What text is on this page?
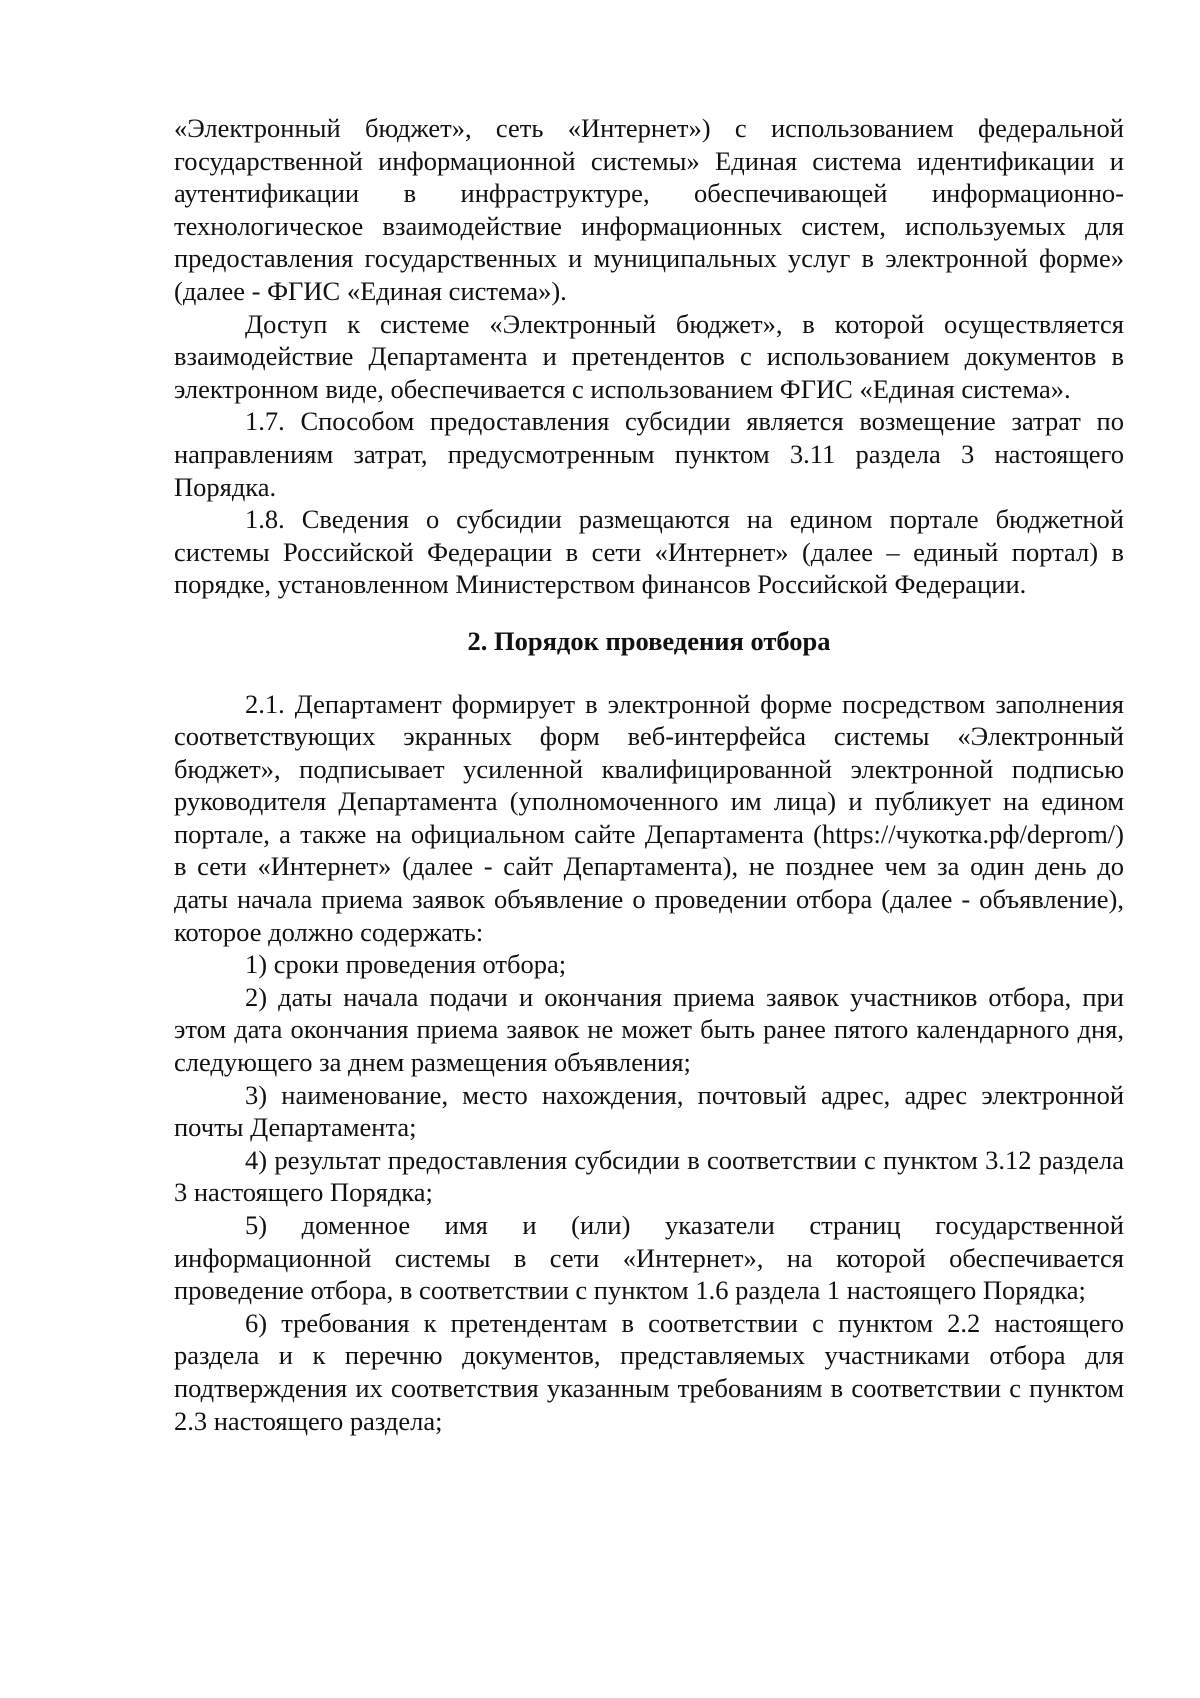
«Электронный бюджет», сеть «Интернет») с использованием федеральной государственной информационной системы» Единая система идентификации и аутентификации в инфраструктуре, обеспечивающей информационно-технологическое взаимодействие информационных систем, используемых для предоставления государственных и муниципальных услуг в электронной форме» (далее - ФГИС «Единая система»).

Доступ к системе «Электронный бюджет», в которой осуществляется взаимодействие Департамента и претендентов с использованием документов в электронном виде, обеспечивается с использованием ФГИС «Единая система».

1.7. Способом предоставления субсидии является возмещение затрат по направлениям затрат, предусмотренным пунктом 3.11 раздела 3 настоящего Порядка.

1.8. Сведения о субсидии размещаются на едином портале бюджетной системы Российской Федерации в сети «Интернет» (далее – единый портал) в порядке, установленном Министерством финансов Российской Федерации.

2. Порядок проведения отбора

2.1. Департамент формирует в электронной форме посредством заполнения соответствующих экранных форм веб-интерфейса системы «Электронный бюджет», подписывает усиленной квалифицированной электронной подписью руководителя Департамента (уполномоченного им лица) и публикует на едином портале, а также на официальном сайте Департамента (https://чукотка.рф/deprom/) в сети «Интернет» (далее - сайт Департамента), не позднее чем за один день до даты начала приема заявок объявление о проведении отбора (далее - объявление), которое должно содержать:

1) сроки проведения отбора;

2) даты начала подачи и окончания приема заявок участников отбора, при этом дата окончания приема заявок не может быть ранее пятого календарного дня, следующего за днем размещения объявления;

3) наименование, место нахождения, почтовый адрес, адрес электронной почты Департамента;

4) результат предоставления субсидии в соответствии с пунктом 3.12 раздела 3 настоящего Порядка;

5) доменное имя и (или) указатели страниц государственной информационной системы в сети «Интернет», на которой обеспечивается проведение отбора, в соответствии с пунктом 1.6 раздела 1 настоящего Порядка;

6) требования к претендентам в соответствии с пунктом 2.2 настоящего раздела и к перечню документов, представляемых участниками отбора для подтверждения их соответствия указанным требованиям в соответствии с пунктом 2.3 настоящего раздела;
